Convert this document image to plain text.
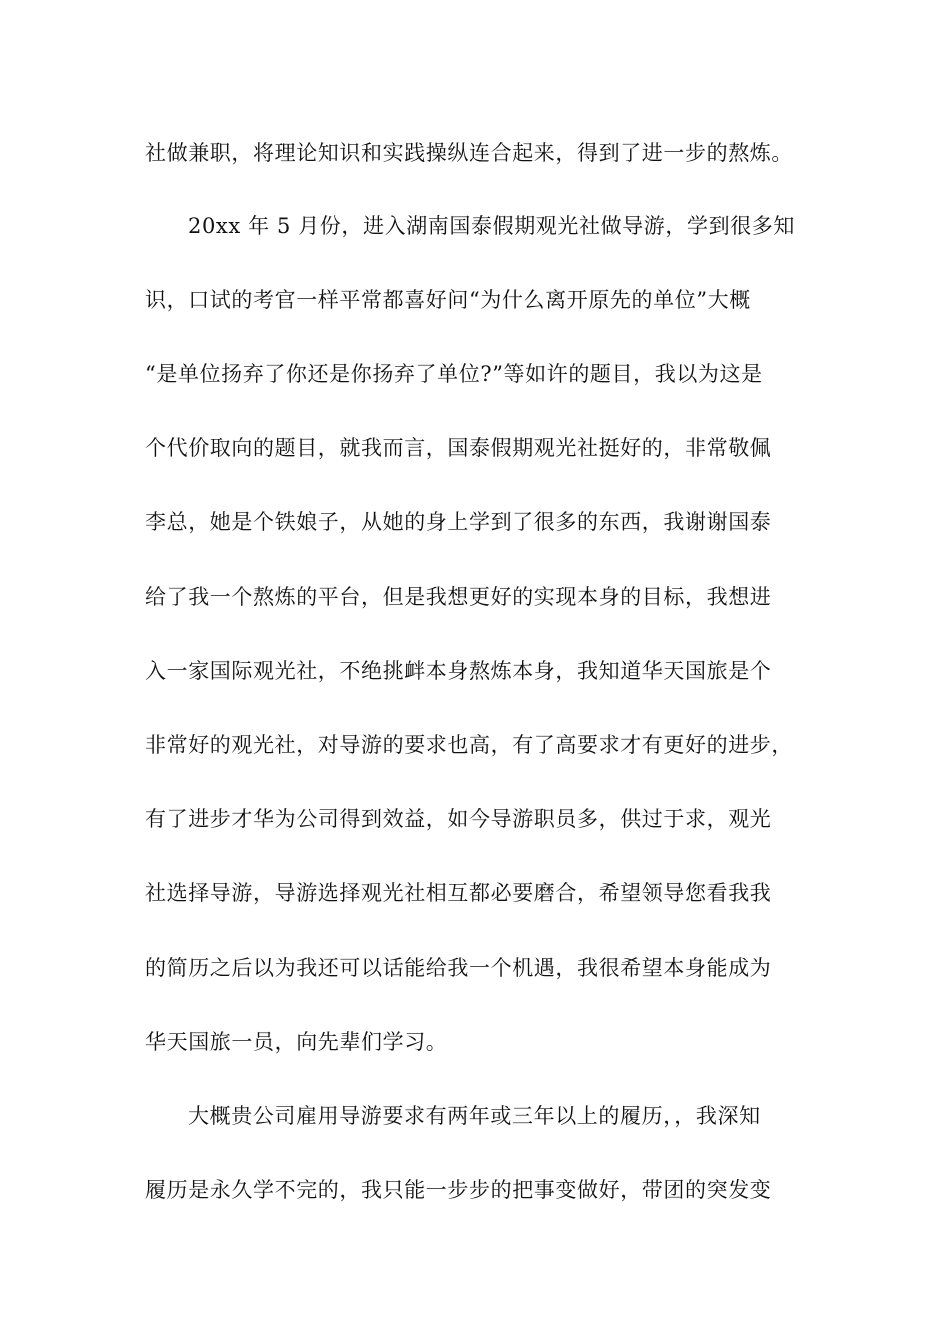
社做兼职，将理论知识和实践操纵连合起来，得到了进一步的熬炼。
20xx 年 5 月份，进入湖南国泰假期观光社做导游，学到很多知
识，口试的考官一样平常都喜好问“为什么离开原先的单位”大概
“是单位扬弃了你还是你扬弃了单位?”等如许的题目，我以为这是
个代价取向的题目，就我而言，国泰假期观光社挺好的，非常敬佩
李总，她是个铁娘子，从她的身上学到了很多的东西，我谢谢国泰
给了我一个熬炼的平台，但是我想更好的实现本身的目标，我想进
入一家国际观光社，不绝挑衅本身熬炼本身，我知道华天国旅是个
非常好的观光社，对导游的要求也高，有了高要求才有更好的进步，
有了进步才华为公司得到效益，如今导游职员多，供过于求，观光
社选择导游，导游选择观光社相互都必要磨合，希望领导您看我我
的简历之后以为我还可以话能给我一个机遇，我很希望本身能成为
华天国旅一员，向先辈们学习。
大概贵公司雇用导游要求有两年或三年以上的履历，，我深知
履历是永久学不完的，我只能一步步的把事变做好，带团的突发变
